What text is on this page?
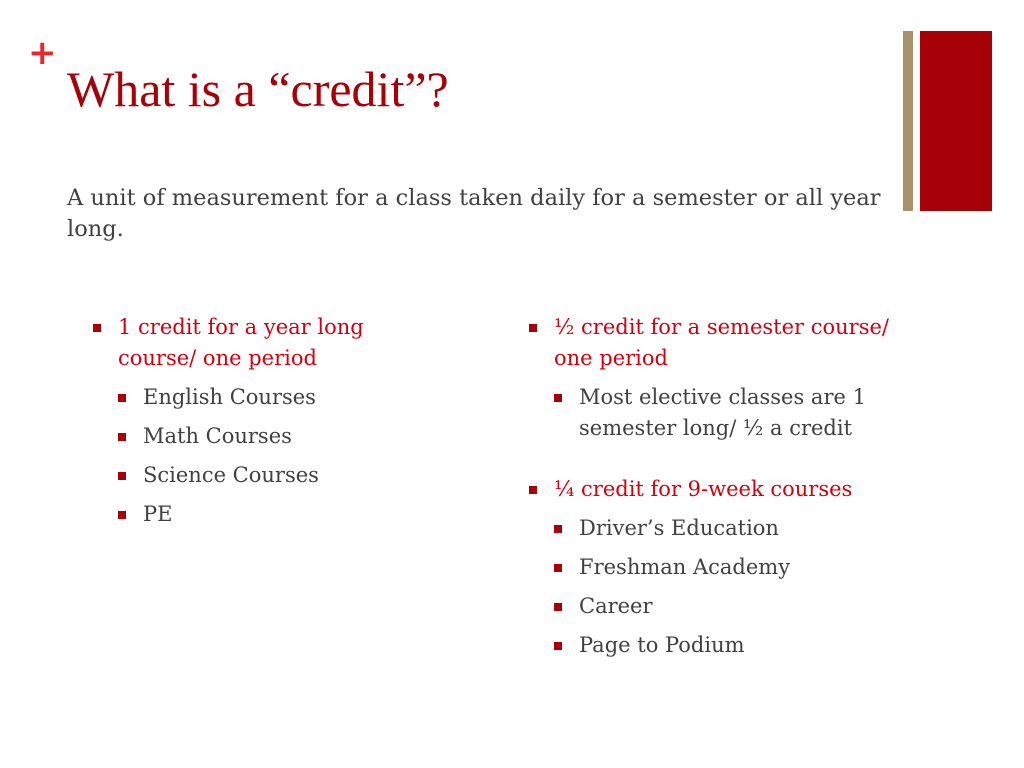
+
What is a “credit”?
A unit of measurement for a class taken daily for a semester or all year long.
1 credit for a year long course/ one period
English Courses
Math Courses
Science Courses
PE
½ credit for a semester course/ one period
Most elective classes are 1 semester long/ ½ a credit
¼ credit for 9-week courses
Driver’s Education
Freshman Academy
Career
Page to Podium
